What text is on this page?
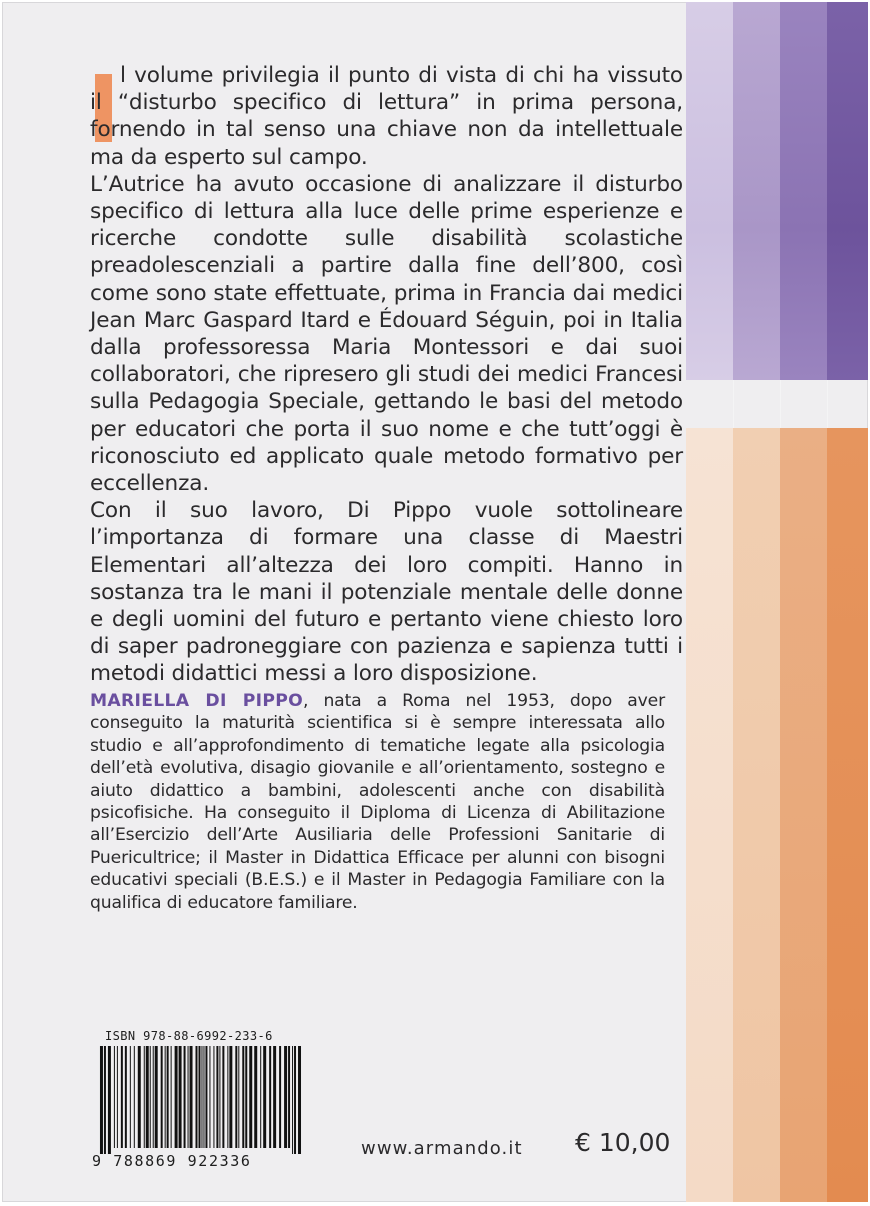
l volume privilegia il punto di vista di chi ha vissuto il “disturbo specifico di lettura” in prima persona, fornendo in tal senso una chiave non da intellettuale ma da esperto sul campo.

L’Autrice ha avuto occasione di analizzare il disturbo specifico di lettura alla luce delle prime esperienze e ricerche condotte sulle disabilità scolastiche preadolescenziali a partire dalla fine dell’800, così come sono state effettuate, prima in Francia dai medici Jean Marc Gaspard Itard e Édouard Séguin, poi in Italia dalla professoressa Maria Montessori e dai suoi collaboratori, che ripresero gli studi dei medici Francesi sulla Pedagogia Speciale, gettando le basi del metodo per educatori che porta il suo nome e che tutt’oggi è riconosciuto ed applicato quale metodo formativo per eccellenza.

Con il suo lavoro, Di Pippo vuole sottolineare l’importanza di formare una classe di Maestri Elementari all’altezza dei loro compiti. Hanno in sostanza tra le mani il potenziale mentale delle donne e degli uomini del futuro e pertanto viene chiesto loro di saper padroneggiare con pazienza e sapienza tutti i metodi didattici messi a loro disposizione.

MARIELLA DI PIPPO, nata a Roma nel 1953, dopo aver conseguito la maturità scientifica si è sempre interessata allo studio e all’approfondimento di tematiche legate alla psicologia dell’età evolutiva, disagio giovanile e all’orientamento, sostegno e aiuto didattico a bambini, adolescenti anche con disabilità psicofisiche. Ha conseguito il Diploma di Licenza di Abilitazione all’Esercizio dell’Arte Ausiliaria delle Professioni Sanitarie di Puericultrice; il Master in Didattica Efficace per alunni con bisogni educativi speciali (B.E.S.) e il Master in Pedagogia Familiare con la qualifica di educatore familiare.
ISBN 978-88-6992-233-6
9 788869 922336
www.armando.it € 10,00
